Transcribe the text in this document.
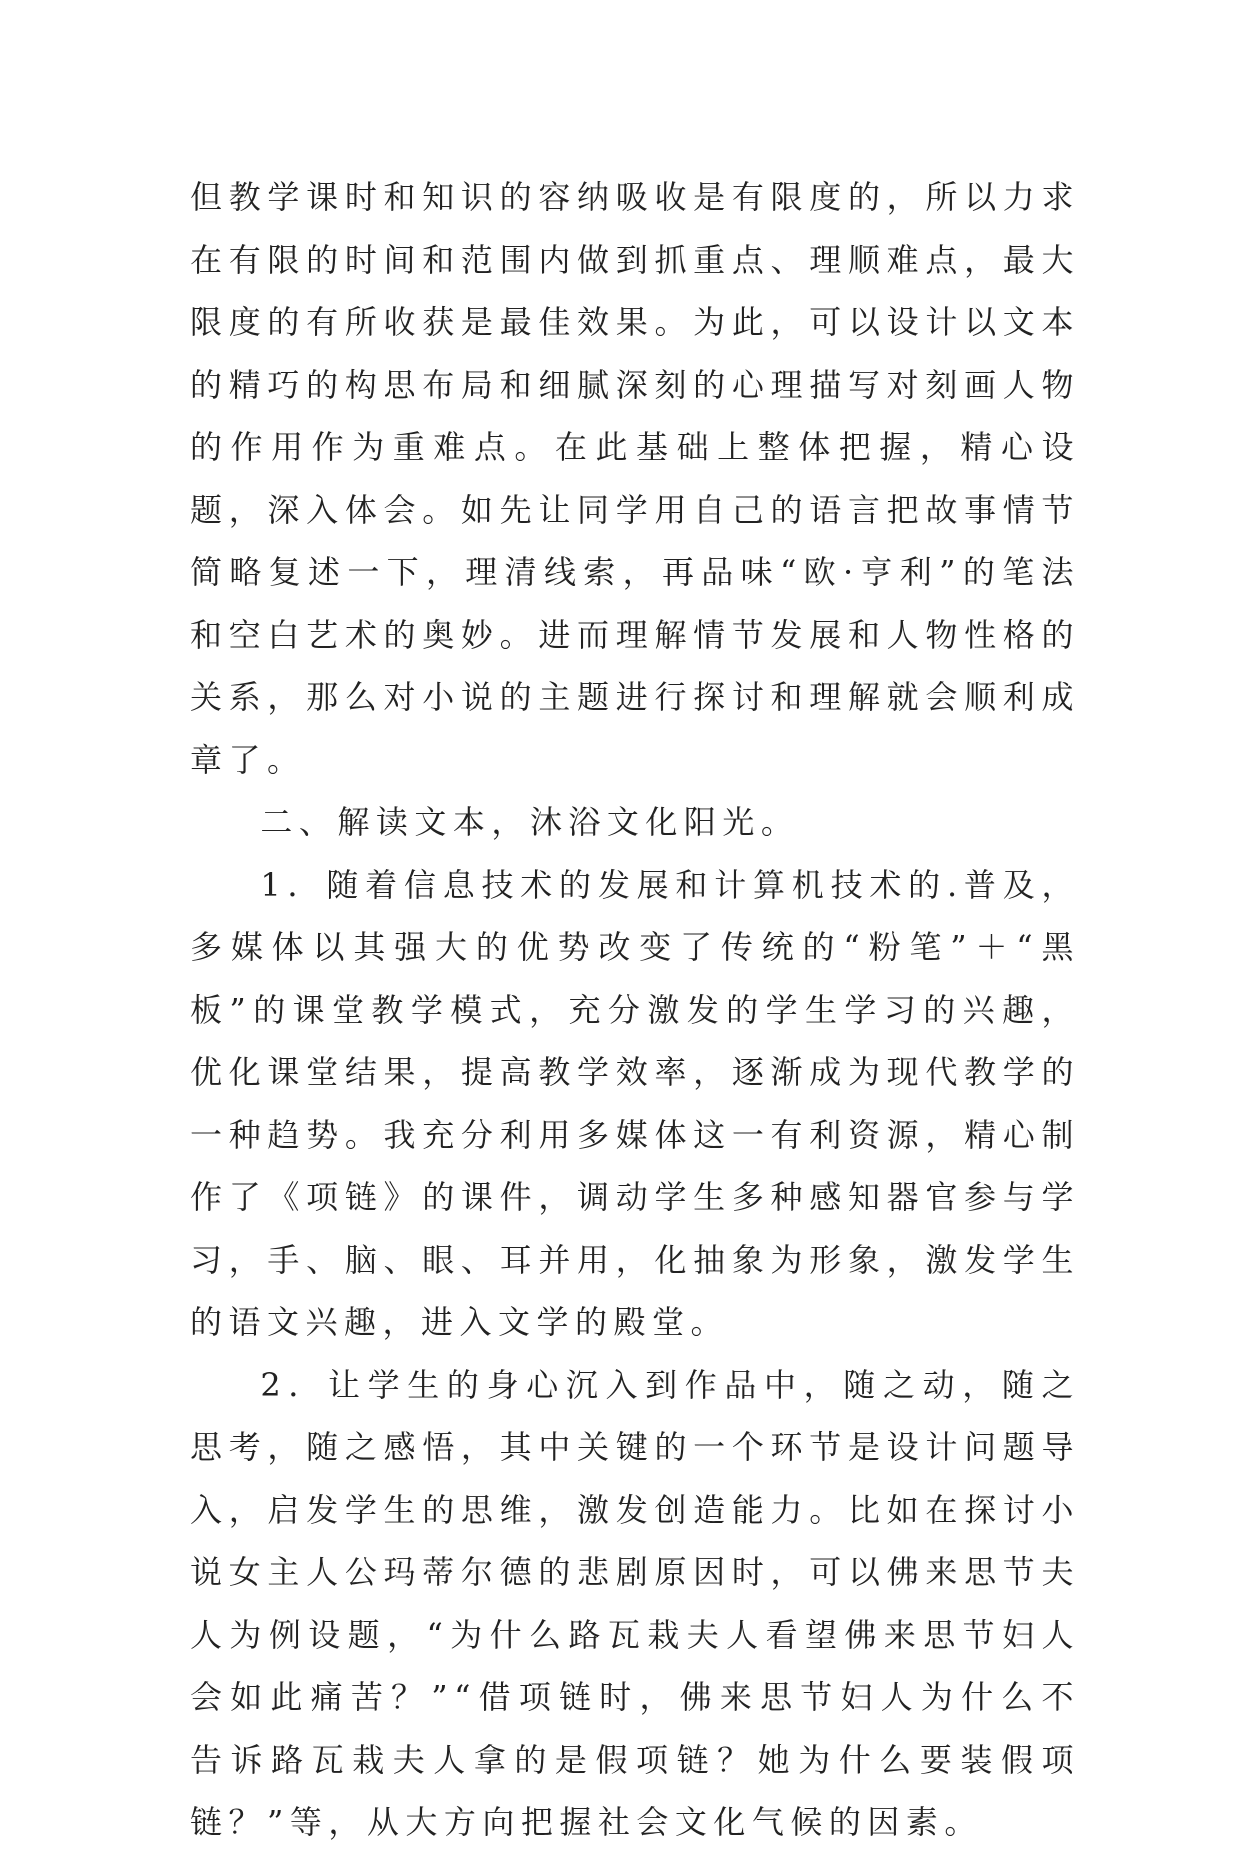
但教学课时和知识的容纳吸收是有限度的，所以力求在有限的时间和范围内做到抓重点、理顺难点，最大限度的有所收获是最佳效果。为此，可以设计以文本的精巧的构思布局和细腻深刻的心理描写对刻画人物的作用作为重难点。在此基础上整体把握，精心设题，深入体会。如先让同学用自己的语言把故事情节简略复述一下，理清线索，再品味“欧·亨利”的笔法和空白艺术的奥妙。进而理解情节发展和人物性格的关系，那么对小说的主题进行探讨和理解就会顺利成章了。

二、解读文本，沐浴文化阳光。

1．随着信息技术的发展和计算机技术的.普及，多媒体以其强大的优势改变了传统的“粉笔”＋“黑板”的课堂教学模式，充分激发的学生学习的兴趣，优化课堂结果，提高教学效率，逐渐成为现代教学的一种趋势。我充分利用多媒体这一有利资源，精心制作了《项链》的课件，调动学生多种感知器官参与学习，手、脑、眼、耳并用，化抽象为形象，激发学生的语文兴趣，进入文学的殿堂。

2．让学生的身心沉入到作品中，随之动，随之思考，随之感悟，其中关键的一个环节是设计问题导入，启发学生的思维，激发创造能力。比如在探讨小说女主人公玛蒂尔德的悲剧原因时，可以佛来思节夫人为例设题，“为什么路瓦栽夫人看望佛来思节妇人会如此痛苦？”“借项链时，佛来思节妇人为什么不告诉路瓦栽夫人拿的是假项链？她为什么要装假项链？”等，从大方向把握社会文化气候的因素。
